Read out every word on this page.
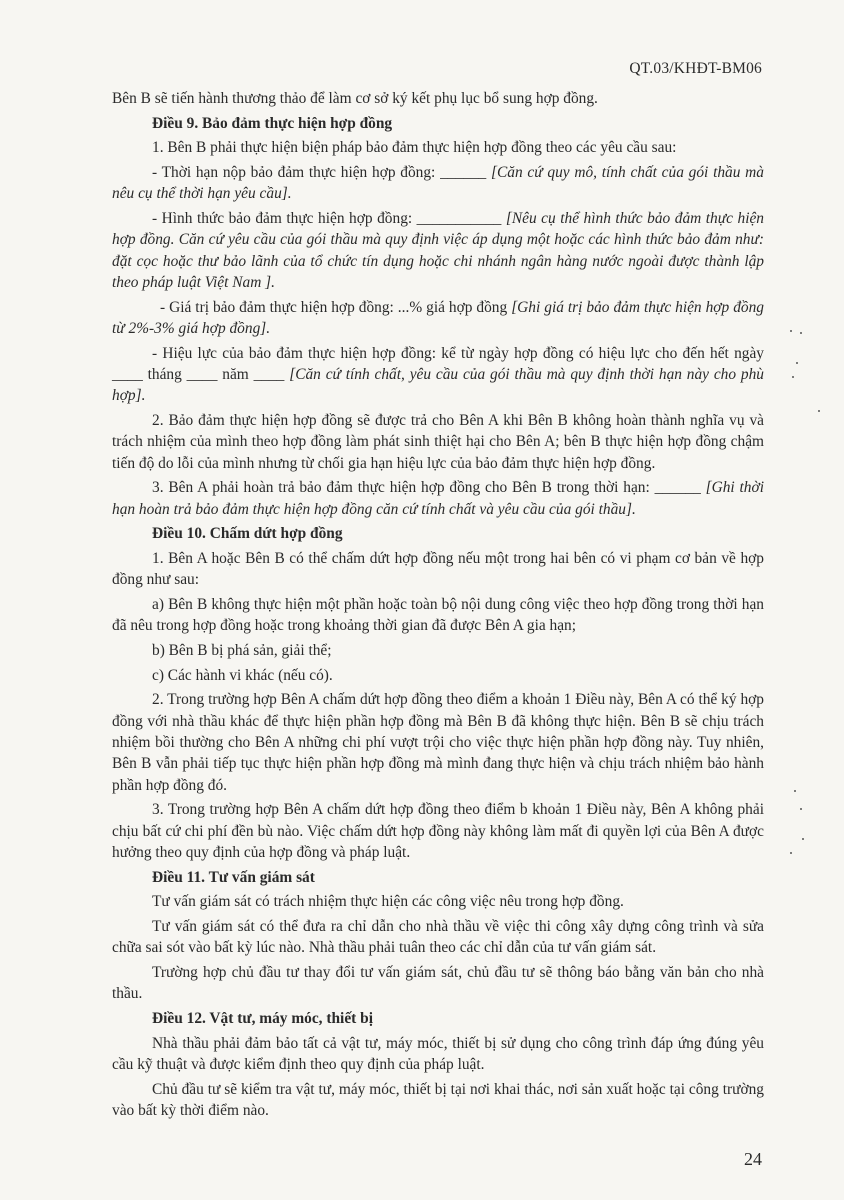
QT.03/KHĐT-BM06

Bên B sẽ tiến hành thương thảo để làm cơ sở ký kết phụ lục bổ sung hợp đồng.

Điều 9. Bảo đảm thực hiện hợp đồng

1. Bên B phải thực hiện biện pháp bảo đảm thực hiện hợp đồng theo các yêu cầu sau:

- Thời hạn nộp bảo đảm thực hiện hợp đồng: ______ [Căn cứ quy mô, tính chất của gói thầu mà nêu cụ thể thời hạn yêu cầu].

- Hình thức bảo đảm thực hiện hợp đồng: ___________ [Nêu cụ thể hình thức bảo đảm thực hiện hợp đồng. Căn cứ yêu cầu của gói thầu mà quy định việc áp dụng một hoặc các hình thức bảo đảm như: đặt cọc hoặc thư bảo lãnh của tổ chức tín dụng hoặc chi nhánh ngân hàng nước ngoài được thành lập theo pháp luật Việt Nam ].

- Giá trị bảo đảm thực hiện hợp đồng: ...% giá hợp đồng [Ghi giá trị bảo đảm thực hiện hợp đồng từ 2%-3% giá hợp đồng].

- Hiệu lực của bảo đảm thực hiện hợp đồng: kể từ ngày hợp đồng có hiệu lực cho đến hết ngày ____ tháng ____ năm ____ [Căn cứ tính chất, yêu cầu của gói thầu mà quy định thời hạn này cho phù hợp].

2. Bảo đảm thực hiện hợp đồng sẽ được trả cho Bên A khi Bên B không hoàn thành nghĩa vụ và trách nhiệm của mình theo hợp đồng làm phát sinh thiệt hại cho Bên A; bên B thực hiện hợp đồng chậm tiến độ do lỗi của mình nhưng từ chối gia hạn hiệu lực của bảo đảm thực hiện hợp đồng.

3. Bên A phải hoàn trả bảo đảm thực hiện hợp đồng cho Bên B trong thời hạn: ______ [Ghi thời hạn hoàn trả bảo đảm thực hiện hợp đồng căn cứ tính chất và yêu cầu của gói thầu].

Điều 10. Chấm dứt hợp đồng

1. Bên A hoặc Bên B có thể chấm dứt hợp đồng nếu một trong hai bên có vi phạm cơ bản về hợp đồng như sau:

a) Bên B không thực hiện một phần hoặc toàn bộ nội dung công việc theo hợp đồng trong thời hạn đã nêu trong hợp đồng hoặc trong khoảng thời gian đã được Bên A gia hạn;

b) Bên B bị phá sản, giải thể;

c) Các hành vi khác (nếu có).

2. Trong trường hợp Bên A chấm dứt hợp đồng theo điểm a khoản 1 Điều này, Bên A có thể ký hợp đồng với nhà thầu khác để thực hiện phần hợp đồng mà Bên B đã không thực hiện. Bên B sẽ chịu trách nhiệm bồi thường cho Bên A những chi phí vượt trội cho việc thực hiện phần hợp đồng này. Tuy nhiên, Bên B vẫn phải tiếp tục thực hiện phần hợp đồng mà mình đang thực hiện và chịu trách nhiệm bảo hành phần hợp đồng đó.

3. Trong trường hợp Bên A chấm dứt hợp đồng theo điểm b khoản 1 Điều này, Bên A không phải chịu bất cứ chi phí đền bù nào. Việc chấm dứt hợp đồng này không làm mất đi quyền lợi của Bên A được hưởng theo quy định của hợp đồng và pháp luật.

Điều 11. Tư vấn giám sát

Tư vấn giám sát có trách nhiệm thực hiện các công việc nêu trong hợp đồng.

Tư vấn giám sát có thể đưa ra chỉ dẫn cho nhà thầu về việc thi công xây dựng công trình và sửa chữa sai sót vào bất kỳ lúc nào. Nhà thầu phải tuân theo các chỉ dẫn của tư vấn giám sát.

Trường hợp chủ đầu tư thay đổi tư vấn giám sát, chủ đầu tư sẽ thông báo bằng văn bản cho nhà thầu.

Điều 12. Vật tư, máy móc, thiết bị

Nhà thầu phải đảm bảo tất cả vật tư, máy móc, thiết bị sử dụng cho công trình đáp ứng đúng yêu cầu kỹ thuật và được kiểm định theo quy định của pháp luật.

Chủ đầu tư sẽ kiểm tra vật tư, máy móc, thiết bị tại nơi khai thác, nơi sản xuất hoặc tại công trường vào bất kỳ thời điểm nào.

24
